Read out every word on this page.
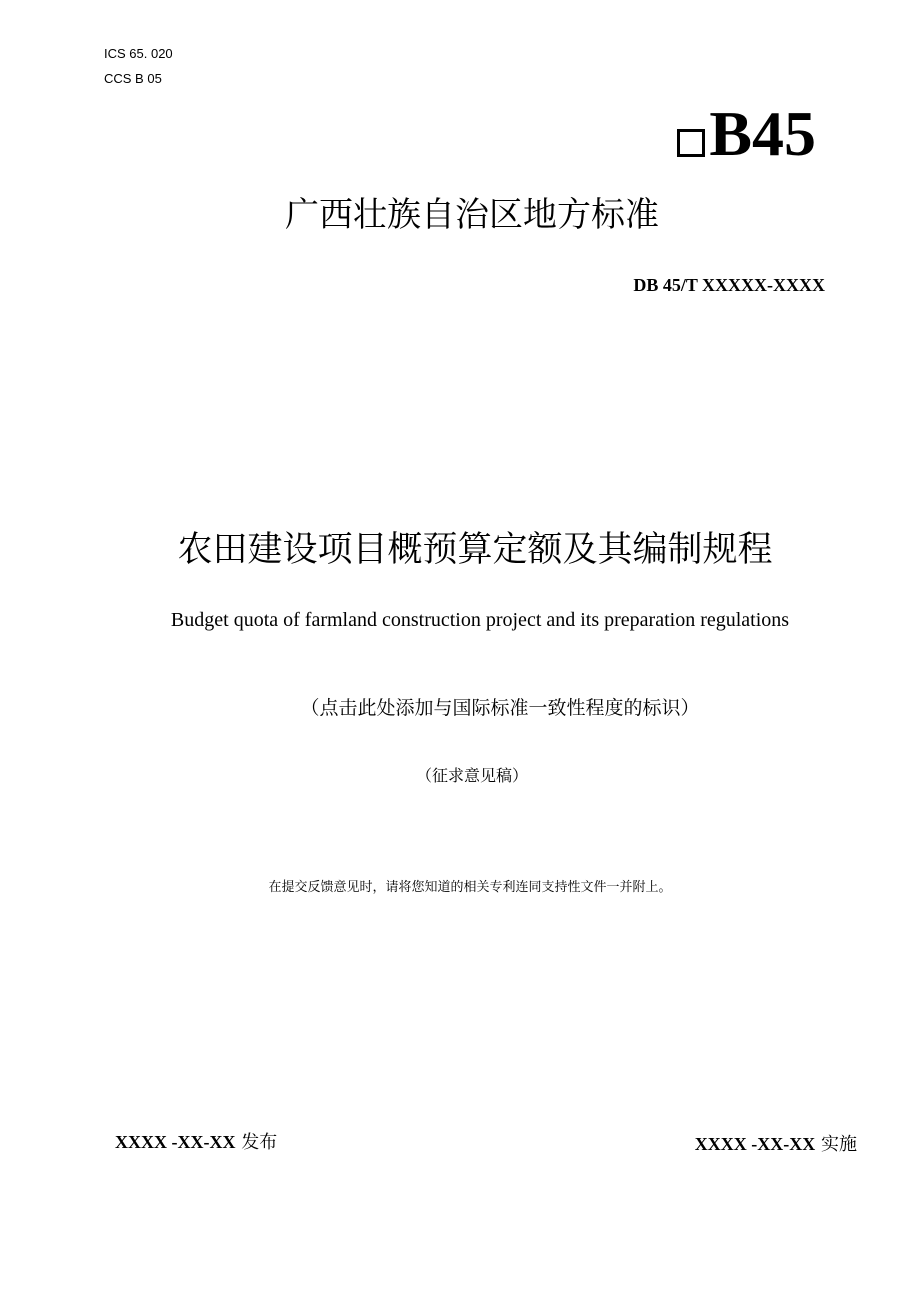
ICS 65. 020
CCS B 05
B45
广西壮族自治区地方标准
DB 45/T XXXXX-XXXX
农田建设项目概预算定额及其编制规程
Budget quota of farmland construction project and its preparation regulations
（点击此处添加与国际标准一致性程度的标识）
（征求意见稿）
在提交反馈意见时，请将您知道的相关专利连同支持性文件一并附上。
XXXX -XX-XX 发布	XXXX -XX-XX 实施
